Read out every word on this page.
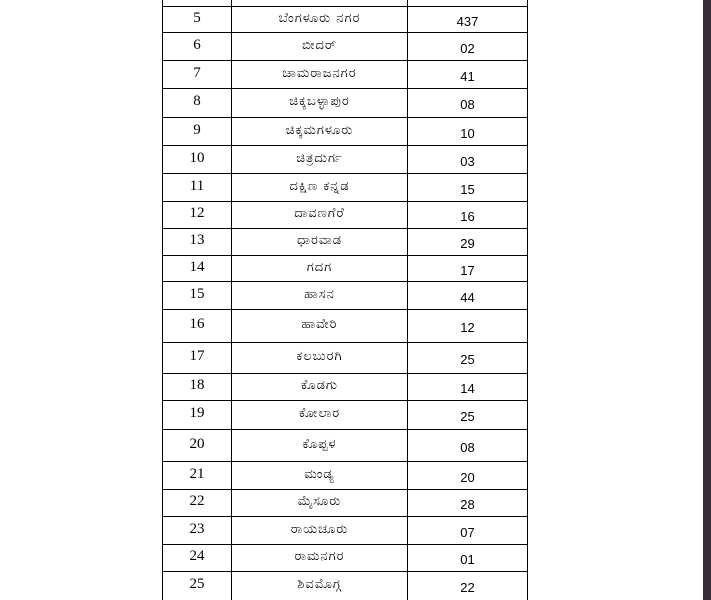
5	ಬೆಂಗಳೂರು ನಗರ	437
6	ಬೀದರ್	02
7	ಚಾಮರಾಜನಗರ	41
8	ಚಿಕ್ಕಬಳ್ಳಾಪುರ	08
9	ಚಿಕ್ಕಮಗಳೂರು	10
10	ಚಿತ್ರದುರ್ಗ	03
11	ದಕ್ಷಿಣ ಕನ್ನಡ	15
12	ದಾವಣಗೆರೆ	16
13	ಧಾರವಾಡ	29
14	ಗದಗ	17
15	ಹಾಸನ	44
16	ಹಾವೇರಿ	12
17	ಕಲಬುರಗಿ	25
18	ಕೊಡಗು	14
19	ಕೋಲಾರ	25
20	ಕೊಪ್ಪಳ	08
21	ಮಂಡ್ಯ	20
22	ಮೈಸೂರು	28
23	ರಾಯಚೂರು	07
24	ರಾಮನಗರ	01
25	ಶಿವಮೊಗ್ಗ	22
